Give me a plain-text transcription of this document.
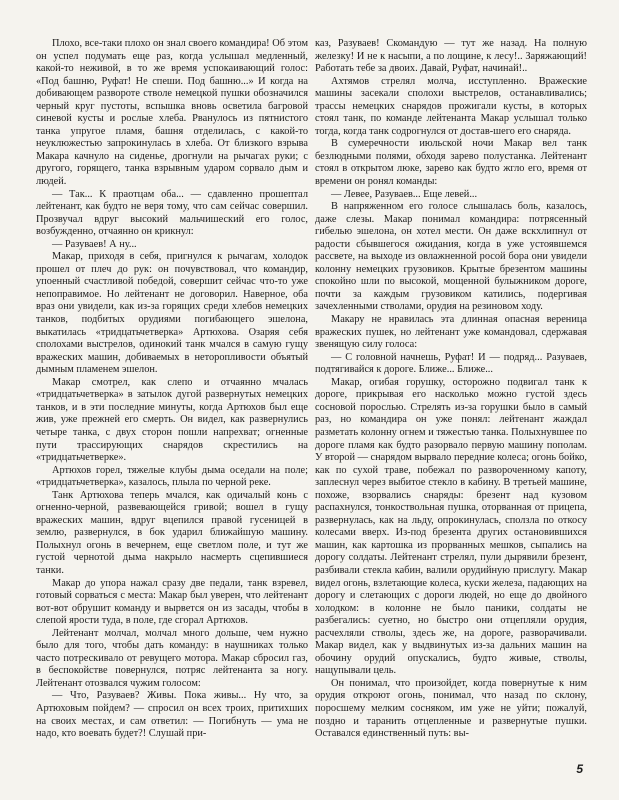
Плохо, все-таки плохо он знал своего командира! Об этом он успел подумать еще раз, когда услышал медленный, какой-то неживой, в то же время успокаивающий голос: «Под башню, Руфат! Не спеши. Под башню...» И когда на добивающем развороте стволе немецкой пушки обозначился черный круг пустоты, вспышка вновь осветила багровой синевой кусты и рослые хлеба. Рванулось из пятнистого танка упругое пламя, башня отделилась, с какой-то неуклюжестью запрокинулась в хлеба. От близкого взрыва Макара качнуло на сиденье, дрогнули на рычагах руки; с другого, горящего, танка взрывным ударом сорвало дым и людей.

— Так... К праотцам оба... — сдавленно прошептал лейтенант, как будто не веря тому, что сам сейчас совершил. Прозвучал вдруг высокий мальчишеский его голос, возбужденно, отчаянно он крикнул:

— Разуваев! А ну...

Макар, приходя в себя, пригнулся к рычагам, холодок прошел от плеч до рук: он почувствовал, что командир, упоенный счастливой победой, совершит сейчас что-то уже непоправимое. Но лейтенант не договорил. Наверное, оба враз они увидели, как из-за горящих среди хлебов немецких танков, подбитых орудиями погибающего эшелона, выкатилась «тридцатьчетверка» Артюхова. Озаряя себя сполохами выстрелов, одинокий танк мчался в самую гущу вражеских машин, добиваемых в неторопливости объятый дымным пламенем эшелон.

Макар смотрел, как слепо и отчаянно мчалась «тридцатьчетверка» в затылок дугой развернутых немецких танков, и в эти последние минуты, когда Артюхов был еще жив, уже прежней его смерть. Он видел, как развернулись четыре танка, с двух сторон пошли напрехват; огненные пути трассирующих снарядов скрестились на «тридцатьчетверке».

Артюхов горел, тяжелые клубы дыма оседали на поле; «тридцатьчетверка», казалось, плыла по черной реке.

Танк Артюхова теперь мчался, как одичалый конь с огненно-черной, развевающейся гривой; вошел в гущу вражеских машин, вдруг вцепился правой гусеницей в землю, развернулся, в бок ударил ближайшую машину. Полыхнул огонь в вечернем, еще светлом поле, и тут же густой чернотой дыма накрыло насмерть сцепившиеся танки.

Макар до упора нажал сразу две педали, танк взревел, готовый сорваться с места: Макар был уверен, что лейтенант вот-вот обрушит команду и вырвется он из засады, чтобы в слепой ярости туда, в поле, где сгорал Артюхов.

Лейтенант молчал, молчал много дольше, чем нужно было для того, чтобы дать команду: в наушниках только часто потрескивало от ревущего мотора. Макар сбросил газ, в беспокойстве повернулся, потряс лейтенанта за ногу. Лейтенант отозвался чужим голосом:

— Что, Разуваев? Живы. Пока живы... Ну что, за Артюховым пойдем? — спросил он всех троих, притихших на своих местах, и сам ответил: — Погибнуть — ума не надо, кто воевать будет?! Слушай при-

каз, Разуваев! Скомандую — тут же назад. На полную железку! И не к насыпи, а по лощине, к лесу!.. Заряжающий! Работать тебе за двоих. Давай, Руфат, начинай!..

Ахтямов стрелял молча, исступленно. Вражеские машины засекали сполохи выстрелов, останавливались; трассы немецких снарядов прожигали кусты, в которых стоял танк, по команде лейтенанта Макар услышал только тогда, когда танк содрогнулся от достав-шего его снаряда.

В сумеречности июльской ночи Макар вел танк безлюдными полями, обходя зарево полустанка. Лейтенант стоял в открытом люке, зарево как будто жгло его, время от времени он ронял команды:

— Левее, Разуваев... Еще левей...

В напряженном его голосе слышалась боль, казалось, даже слезы. Макар понимал командира: потрясенный гибелью эшелона, он хотел мести. Он даже вскхлипнул от радости сбывшегося ожидания, когда в уже устоявшемся рассвете, на выходе из овлажненной росой бора они увидели колонну немецких грузовиков. Крытые брезентом машины спокойно шли по высокой, мощенной булыжником дороге, почти за каждым грузовиком катились, подергивая зачехленными стволами, орудия на резиновом ходу.

Макару не нравилась эта длинная опасная вереница вражеских пушек, но лейтенант уже командовал, сдержавая звенящую силу голоса:

— С головной начнешь, Руфат! И — подряд... Разуваев, подтягивайся к дороге. Ближе... Ближе...

Макар, огибая горушку, осторожно подвигал танк к дороге, прикрывая его насколько можно густой здесь сосновой порослью. Стрелять из-за горушки было в самый раз, но командира он уже понял: лейтенант жаждал разметать колонну огнем и тяжестью танка. Полыхнувшее по дороге пламя как будто разорвало первую машину пополам. У второй — снарядом вырвало передние колеса; огонь бойко, как по сухой траве, побежал по развороченному капоту, заплеснул через выбитое стекло в кабину. В третьей машине, похоже, взорвались снаряды: брезент над кузовом распахнулся, тонкоствольная пушка, оторванная от прицепа, развернулась, как на льду, опрокинулась, сползла по откосу колесами вверх. Из-под брезента других остановившихся машин, как картошка из прорванных мешков, сыпались на дорогу солдаты. Лейтенант стрелял, пули дырявили брезент, разбивали стекла кабин, валили орудийную прислугу. Макар видел огонь, взлетающие колеса, куски железа, падающих на дорогу и слетающих с дороги людей, но еще до двойного холодком: в колонне не было паники, солдаты не разбегались: суетно, но быстро они отцепляли орудия, расчехляли стволы, здесь же, на дороге, разворачивали. Макар видел, как у выдвинутых из-за дальних машин на обочину орудий опускались, будто живые, стволы, нащупывали цель.

Он понимал, что произойдет, когда повернутые к ним орудия откроют огонь, понимал, что назад по склону, поросшему мелким сосняком, им уже не уйти; пожалуй, поздно и таранить отцепленные и развернутые пушки. Оставался единственный путь: вы-

5
